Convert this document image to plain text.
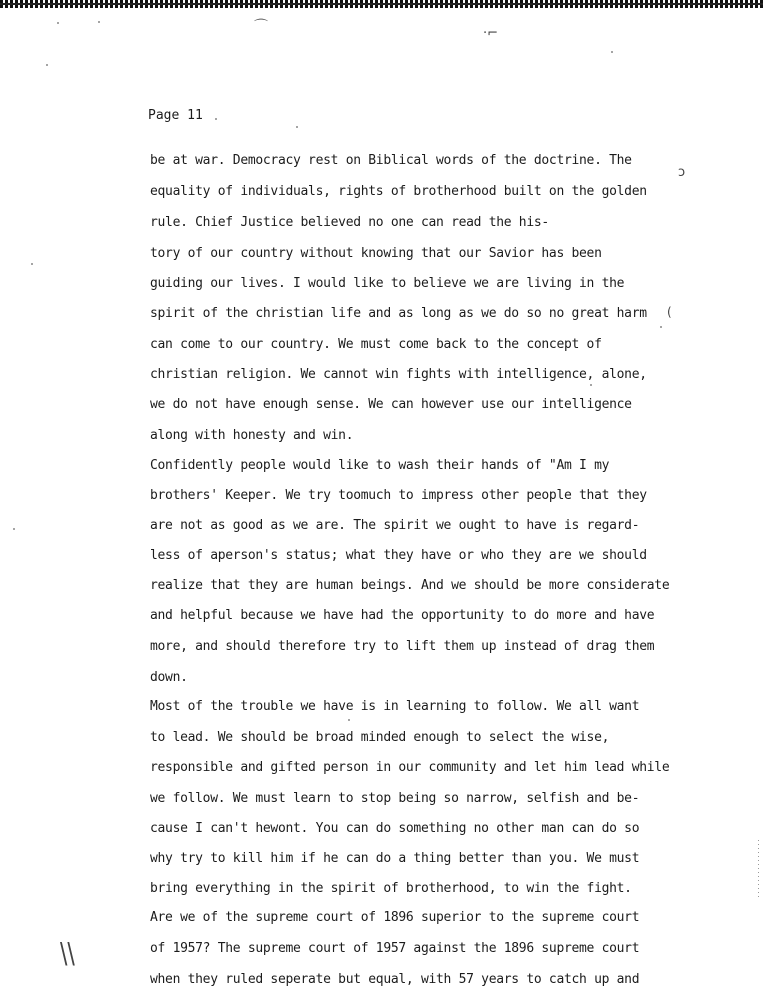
Page 11
be at war. Democracy rest on Biblical words of the doctrine. The
equality of individuals, rights of brotherhood built on the golden
rule. Chief Justice believed no one can read the his-
tory of our country without knowing that our Savior has been
guiding our lives. I would like to believe we are living in the
spirit of the christian life and as long as we do so no great harm
can come to our country. We must come back to the concept of
christian religion. We cannot win fights with intelligence, alone,
we do not have enough sense. We can however use our intelligence
along with honesty and win.
Confidently people would like to wash their hands of "Am I my
brothers' Keeper. We try toomuch to impress other people that they
are not as good as we are. The spirit we ought to have is regard-
less of aperson's status; what they have or who they are we should
realize that they are human beings. And we should be more considerate
and helpful because we have had the opportunity to do more and have
more, and should therefore try to lift them up instead of drag them
down.
Most of the trouble we have is in learning to follow. We all want
to lead. We should be broad minded enough to select the wise,
responsible and gifted person in our community and let him lead while
we follow. We must learn to stop being so narrow, selfish and be-
cause I can't hewont. You can do something no other man can do so
why try to kill him if he can do a thing better than you. We must
bring everything in the spirit of brotherhood, to win the fight.
Are we of the supreme court of 1896 superior to the supreme court
of 1957? The supreme court of 1957 against the 1896 supreme court
when they ruled seperate but equal, with 57 years to catch up and
⌒	·⌐
ↄ
(
\\
